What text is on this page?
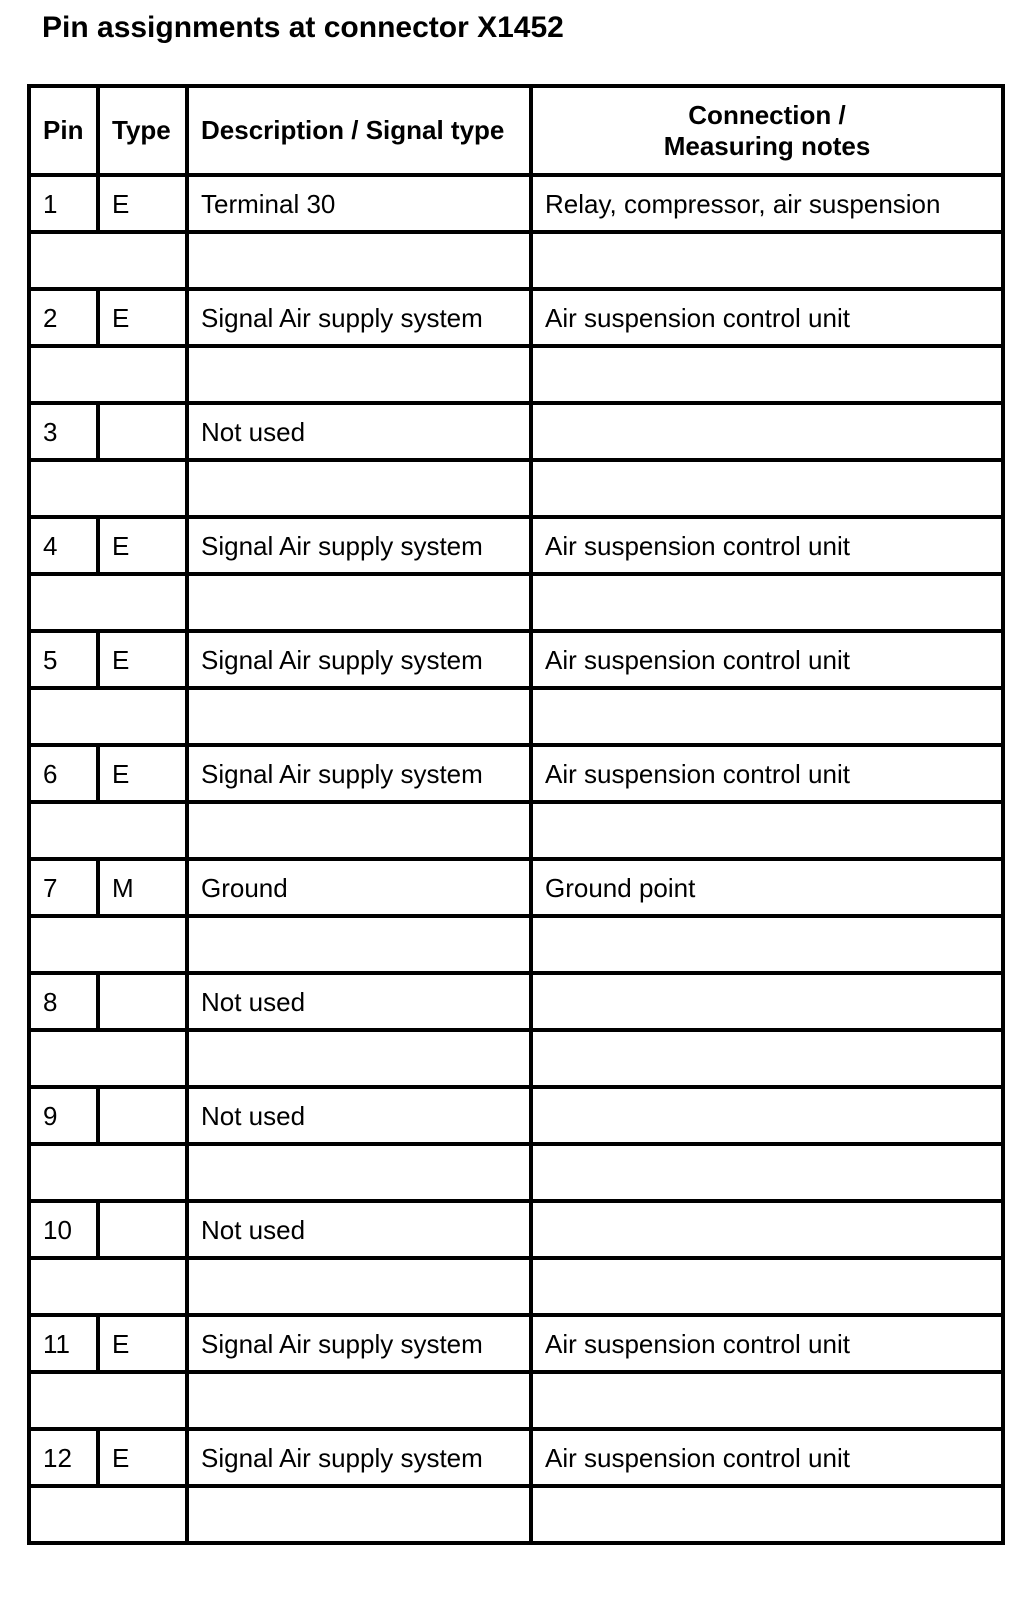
Pin assignments at connector X1452
Pin	Type	Description / Signal type	Connection /
Measuring notes

1	E	Terminal 30	Relay, compressor, air suspension

2	E	Signal Air supply system	Air suspension control unit

3		Not used	

4	E	Signal Air supply system	Air suspension control unit

5	E	Signal Air supply system	Air suspension control unit

6	E	Signal Air supply system	Air suspension control unit

7	M	Ground	Ground point

8		Not used	

9		Not used	

10		Not used	

11	E	Signal Air supply system	Air suspension control unit

12	E	Signal Air supply system	Air suspension control unit
